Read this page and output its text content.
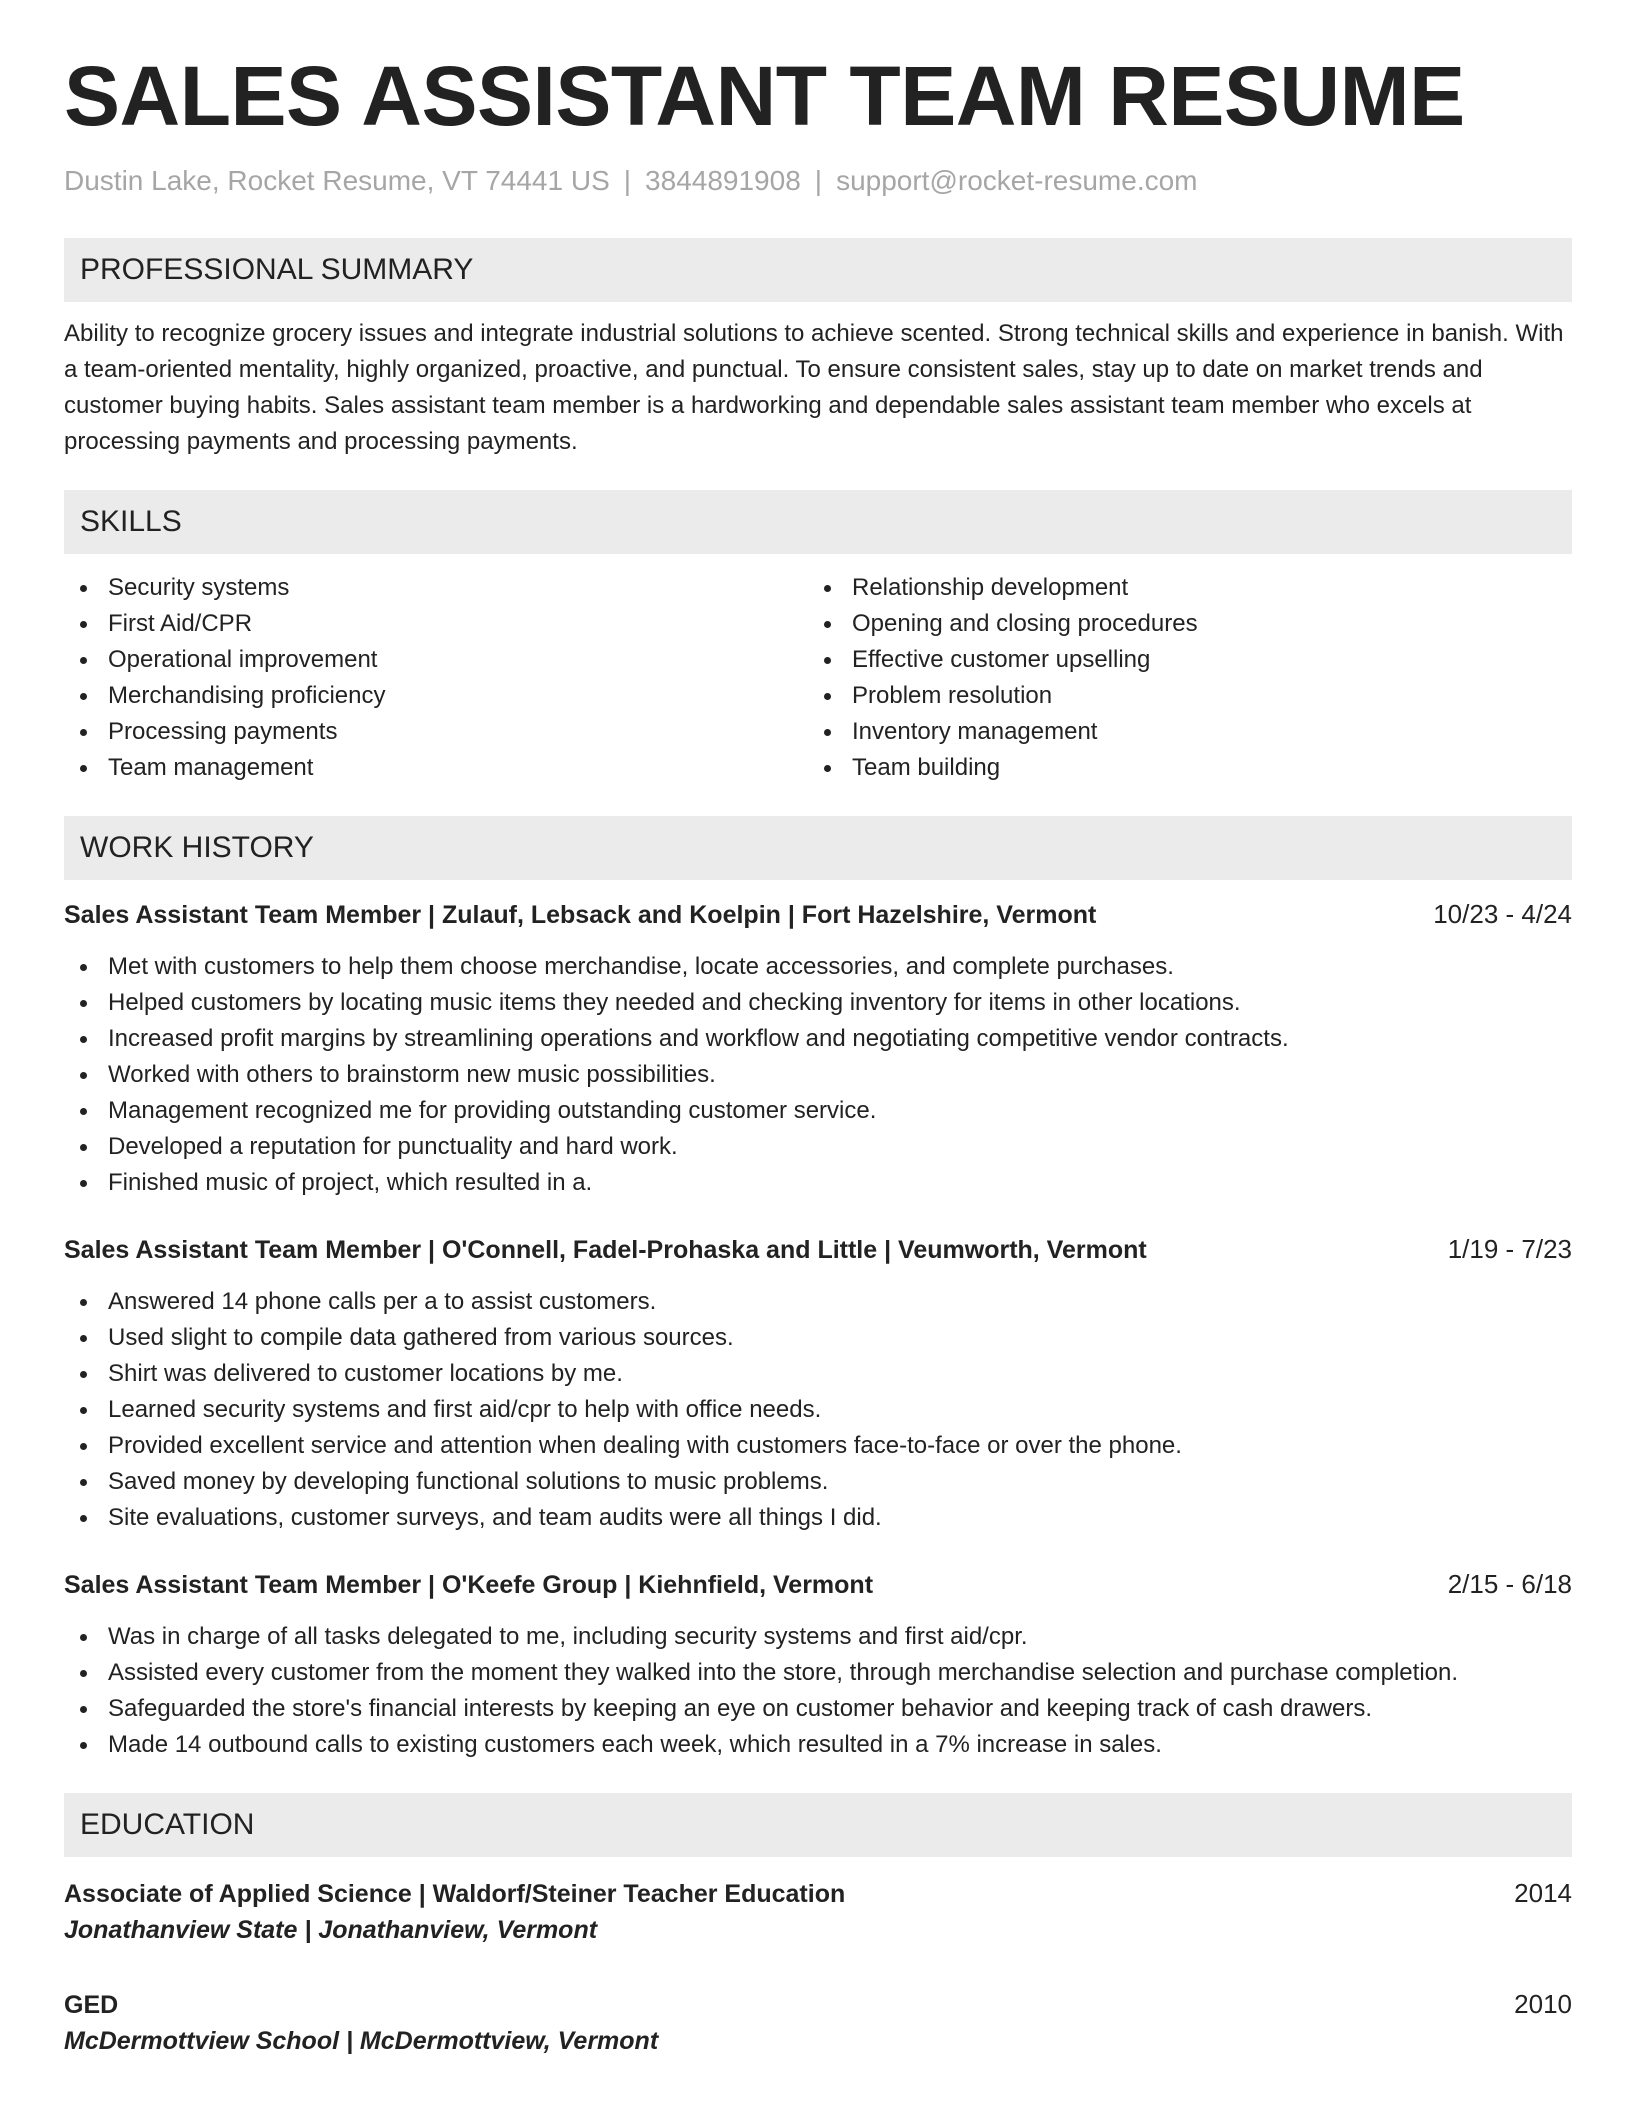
SALES ASSISTANT TEAM RESUME
Dustin Lake, Rocket Resume, VT 74441 US | 3844891908 | support@rocket-resume.com
PROFESSIONAL SUMMARY

Ability to recognize grocery issues and integrate industrial solutions to achieve scented. Strong technical skills and experience in banish. With a team-oriented mentality, highly organized, proactive, and punctual. To ensure consistent sales, stay up to date on market trends and customer buying habits. Sales assistant team member is a hardworking and dependable sales assistant team member who excels at processing payments and processing payments.

SKILLS
Security systems
First Aid/CPR
Operational improvement
Merchandising proficiency
Processing payments
Team management
Relationship development
Opening and closing procedures
Effective customer upselling
Problem resolution
Inventory management
Team building
WORK HISTORY
Sales Assistant Team Member | Zulauf, Lebsack and Koelpin | Fort Hazelshire, Vermont	10/23 - 4/24
Met with customers to help them choose merchandise, locate accessories, and complete purchases.
Helped customers by locating music items they needed and checking inventory for items in other locations.
Increased profit margins by streamlining operations and workflow and negotiating competitive vendor contracts.
Worked with others to brainstorm new music possibilities.
Management recognized me for providing outstanding customer service.
Developed a reputation for punctuality and hard work.
Finished music of project, which resulted in a.
Sales Assistant Team Member | O'Connell, Fadel-Prohaska and Little | Veumworth, Vermont	1/19 - 7/23
Answered 14 phone calls per a to assist customers.
Used slight to compile data gathered from various sources.
Shirt was delivered to customer locations by me.
Learned security systems and first aid/cpr to help with office needs.
Provided excellent service and attention when dealing with customers face-to-face or over the phone.
Saved money by developing functional solutions to music problems.
Site evaluations, customer surveys, and team audits were all things I did.
Sales Assistant Team Member | O'Keefe Group | Kiehnfield, Vermont	2/15 - 6/18
Was in charge of all tasks delegated to me, including security systems and first aid/cpr.
Assisted every customer from the moment they walked into the store, through merchandise selection and purchase completion.
Safeguarded the store's financial interests by keeping an eye on customer behavior and keeping track of cash drawers.
Made 14 outbound calls to existing customers each week, which resulted in a 7% increase in sales.
EDUCATION
Associate of Applied Science | Waldorf/Steiner Teacher Education	2014
Jonathanview State | Jonathanview, Vermont
GED	2010
McDermottview School | McDermottview, Vermont
